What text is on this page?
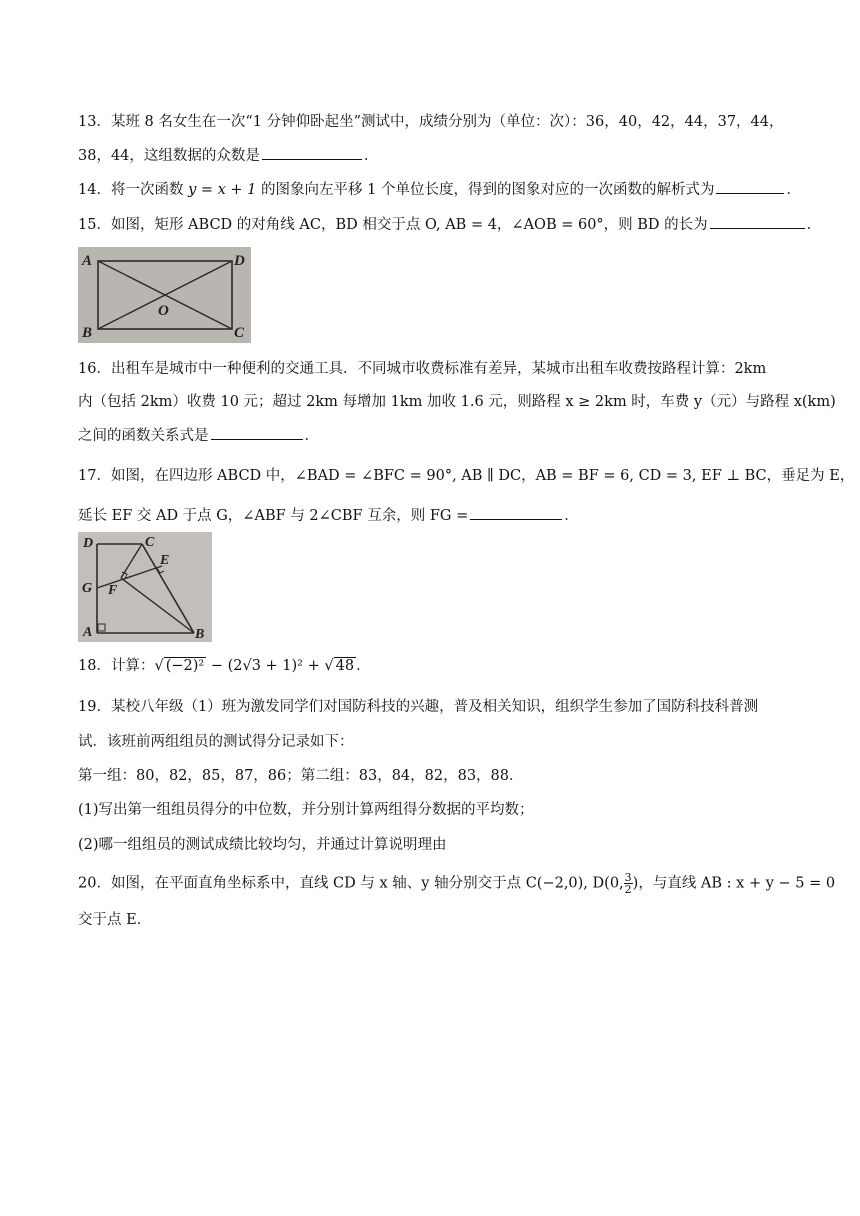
13．某班 8 名女生在一次“1 分钟仰卧起坐”测试中，成绩分别为（单位：次）：36，40，42，44，37，44，
38，44，这组数据的众数是	．
14．将一次函数 y = x + 1 的图象向左平移 1 个单位长度，得到的图象对应的一次函数的解析式为	．
15．如图，矩形 ABCD 的对角线 AC，BD 相交于点 O, AB = 4，∠AOB = 60°，则 BD 的长为	．
A	D
B	C
O
16．出租车是城市中一种便利的交通工具．不同城市收费标准有差异，某城市出租车收费按路程计算：2km
内（包括 2km）收费 10 元；超过 2km 每增加 1km 加收 1.6 元，则路程 x ≥ 2km 时，车费 y（元）与路程 x(km)
之间的函数关系式是	．
17．如图，在四边形 ABCD 中，∠BAD = ∠BFC = 90°, AB ∥ DC，AB = BF = 6, CD = 3, EF ⊥ BC，垂足为 E，
延长 EF 交 AD 于点 G，∠ABF 与 2∠CBF 互余，则 FG =	．
D	C
E
G F
A	B
18．计算：√ (−2)² − (2√3 + 1)² + √ 48 ．
19．某校八年级（1）班为激发同学们对国防科技的兴趣，普及相关知识，组织学生参加了国防科技科普测
试．该班前两组组员的测试得分记录如下：
第一组：80，82，85，87，86；第二组：83，84，82，83，88．
(1)写出第一组组员得分的中位数，并分别计算两组得分数据的平均数；
(2)哪一组组员的测试成绩比较均匀，并通过计算说明理由
20．如图，在平面直角坐标系中，直线 CD 与 x 轴、y 轴分别交于点 C(−2,0), D(0, $\frac{3}{2}$ )，与直线 AB : x + y − 5 = 0
交于点 E．
